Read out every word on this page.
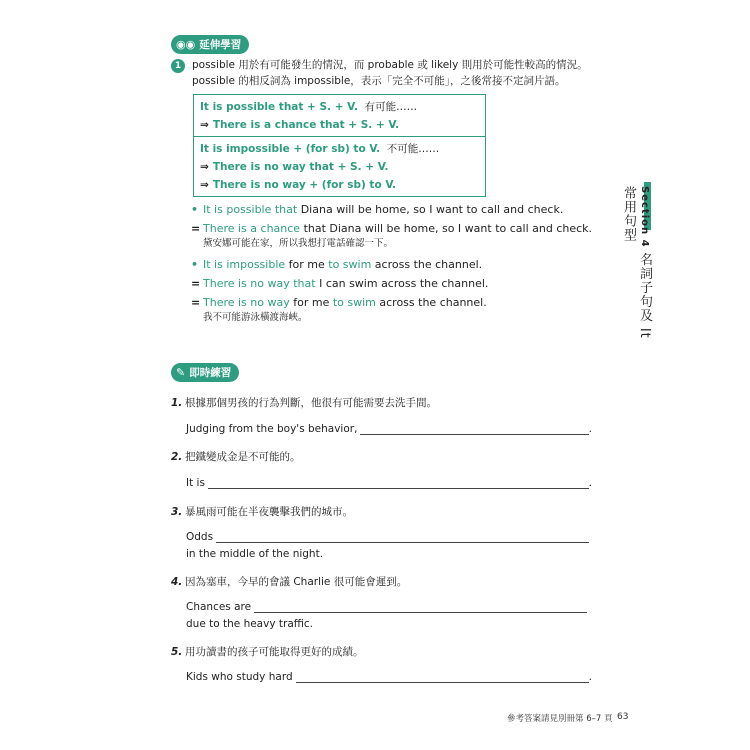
◉◉ 延伸學習
1	possible 用於有可能發生的情況，而 probable 或 likely 則用於可能性較高的情況。
possible 的相反詞為 impossible，表示「完全不可能」，之後常接不定詞片語。
It is possible that + S. + V. 有可能……
⇒ There is a chance that + S. + V.
It is impossible + (for sb) to V. 不可能……
⇒ There is no way that + S. + V.
⇒ There is no way + (for sb) to V.
• It is possible that Diana will be home, so I want to call and check.
= There is a chance that Diana will be home, so I want to call and check.
黛安娜可能在家，所以我想打電話確認一下。
• It is impossible for me to swim across the channel.
= There is no way that I can swim across the channel.
= There is no way for me to swim across the channel.
我不可能游泳橫渡海峽。
Section 4 名詞子句及 It 常用句型
✎ 即時練習
1. 根據那個男孩的行為判斷，他很有可能需要去洗手間。
Judging from the boy's behavior,	.
2. 把鐵變成金是不可能的。
It is	.
3. 暴風雨可能在半夜襲擊我們的城市。
Odds
in the middle of the night.
4. 因為塞車，今早的會議 Charlie 很可能會遲到。
Chances are
due to the heavy traffic.
5. 用功讀書的孩子可能取得更好的成績。
Kids who study hard	.
參考答案請見別冊第 6–7 頁 63
